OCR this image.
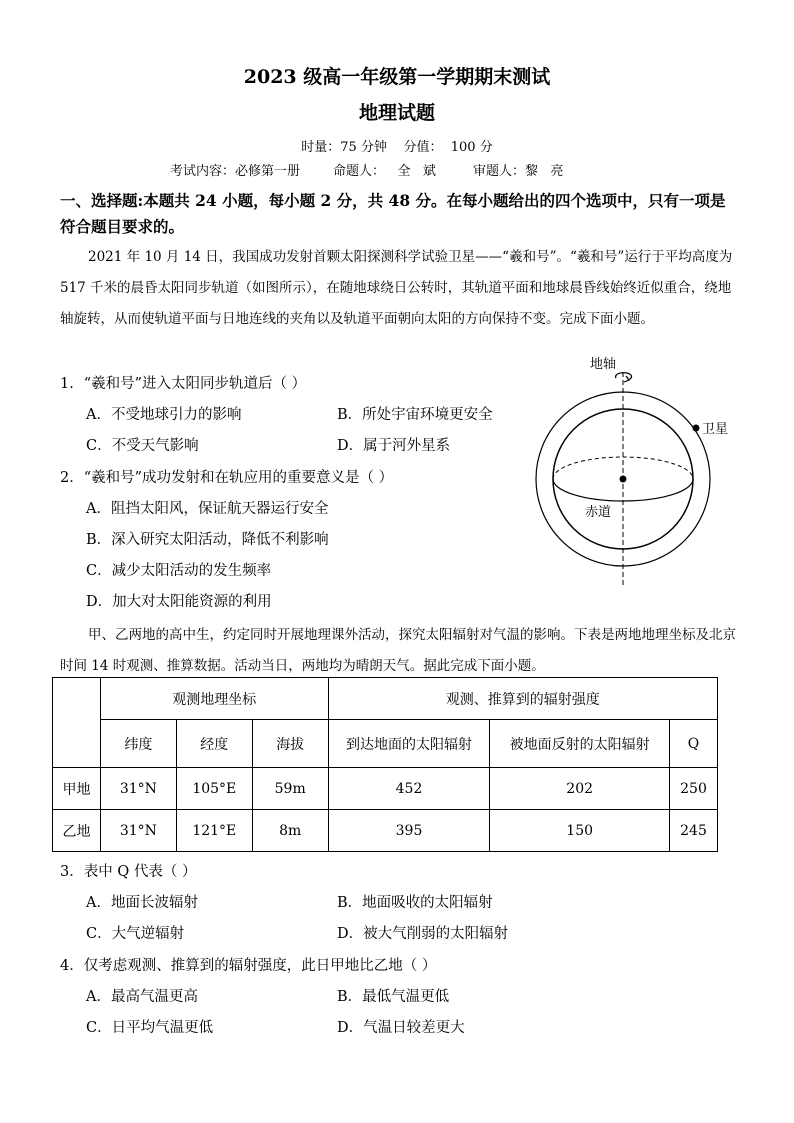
2023 级高一年级第一学期期末测试
地理试题
时量：75 分钟    分值：  100 分
考试内容：必修第一册        命题人：   全   斌         审题人：黎   亮
一、选择题:本题共 24 小题，每小题 2 分，共 48 分。在每小题给出的四个选项中，只有一项是符合题目要求的。
2021 年 10 月 14 日，我国成功发射首颗太阳探测科学试验卫星——“羲和号”。“羲和号”运行于平均高度为 517 千米的晨昏太阳同步轨道（如图所示），在随地球绕日公转时，其轨道平面和地球晨昏线始终近似重合，绕地轴旋转，从而使轨道平面与日地连线的夹角以及轨道平面朝向太阳的方向保持不变。完成下面小题。
1．“羲和号”进入太阳同步轨道后（ ）
A．不受地球引力的影响	B．所处宇宙环境更安全
C．不受天气影响	D．属于河外星系
2．“羲和号”成功发射和在轨应用的重要意义是（ ）
A．阻挡太阳风，保证航天器运行安全
B．深入研究太阳活动，降低不利影响
C．减少太阳活动的发生频率
D．加大对太阳能资源的利用
地轴
卫星
赤道
甲、乙两地的高中生，约定同时开展地理课外活动，探究太阳辐射对气温的影响。下表是两地地理坐标及北京时间 14 时观测、推算数据。活动当日，两地均为晴朗天气。据此完成下面小题。
	观测地理坐标			观测、推算到的辐射强度		
	纬度	经度	海拔	到达地面的太阳辐射	被地面反射的太阳辐射	Q
甲地	31°N	105°E	59m	452	202	250
乙地	31°N	121°E	8m	395	150	245
3．表中 Q 代表（ ）
A．地面长波辐射	B．地面吸收的太阳辐射
C．大气逆辐射	D．被大气削弱的太阳辐射
4．仅考虑观测、推算到的辐射强度，此日甲地比乙地（ ）
A．最高气温更高	B．最低气温更低
C．日平均气温更低	D．气温日较差更大
